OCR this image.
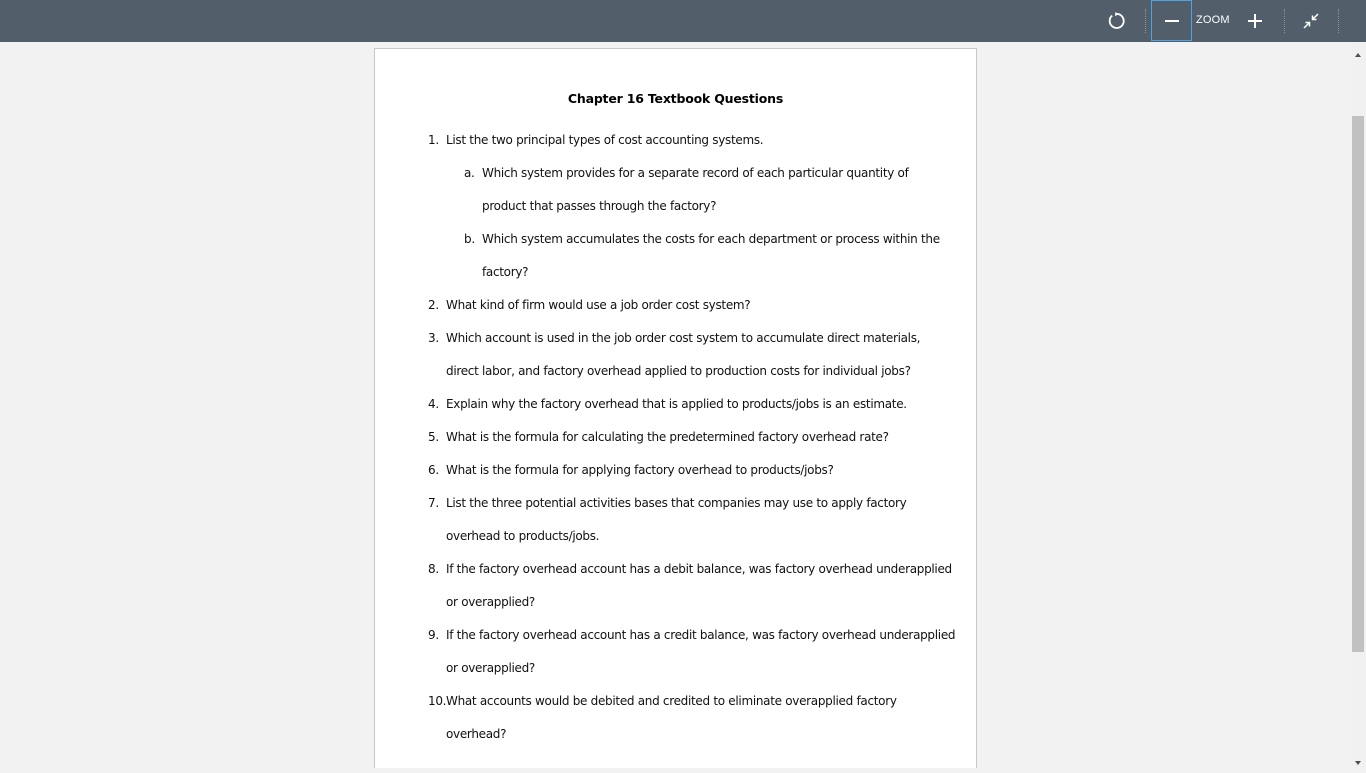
ZOOM
Chapter 16 Textbook Questions
1. List the two principal types of cost accounting systems.
a. Which system provides for a separate record of each particular quantity of
product that passes through the factory?
b. Which system accumulates the costs for each department or process within the
factory?
2. What kind of firm would use a job order cost system?
3. Which account is used in the job order cost system to accumulate direct materials,
direct labor, and factory overhead applied to production costs for individual jobs?
4. Explain why the factory overhead that is applied to products/jobs is an estimate.
5. What is the formula for calculating the predetermined factory overhead rate?
6. What is the formula for applying factory overhead to products/jobs?
7. List the three potential activities bases that companies may use to apply factory
overhead to products/jobs.
8. If the factory overhead account has a debit balance, was factory overhead underapplied
or overapplied?
9. If the factory overhead account has a credit balance, was factory overhead underapplied
or overapplied?
10. What accounts would be debited and credited to eliminate overapplied factory overhead?
